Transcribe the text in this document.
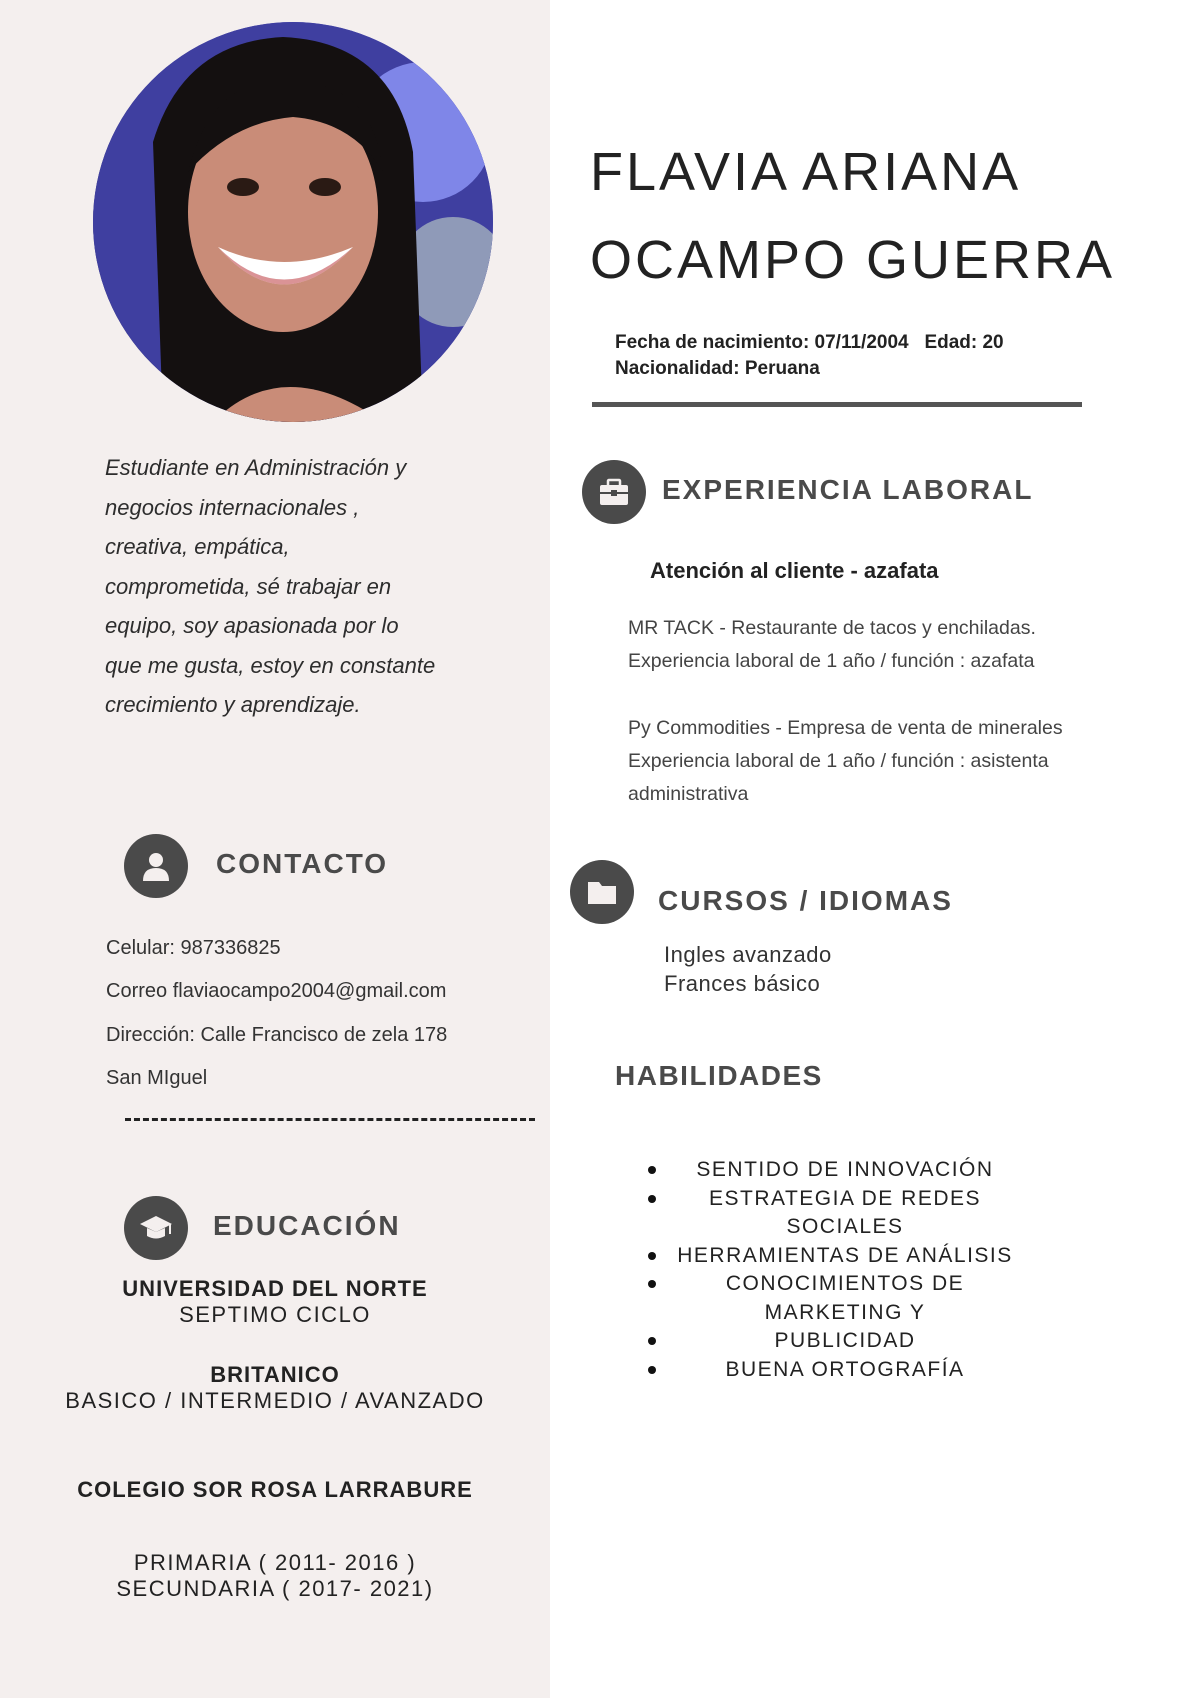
Estudiante en Administración y
negocios internacionales ,
creativa, empática,
comprometida, sé trabajar en
equipo, soy apasionada por lo
que me gusta, estoy en constante
crecimiento y aprendizaje.
CONTACTO
Celular: 987336825
Correo flaviaocampo2004@gmail.com
Dirección: Calle Francisco de zela 178
San MIguel
EDUCACIÓN
UNIVERSIDAD DEL NORTE
SEPTIMO CICLO
BRITANICO
BASICO / INTERMEDIO / AVANZADO
COLEGIO SOR ROSA LARRABURE
PRIMARIA ( 2011- 2016 )
SECUNDARIA ( 2017- 2021)
FLAVIA ARIANA
OCAMPO GUERRA
Fecha de nacimiento: 07/11/2004 Edad: 20
Nacionalidad: Peruana
EXPERIENCIA LABORAL
Atención al cliente - azafata
MR TACK - Restaurante de tacos y enchiladas.
Experiencia laboral de 1 año / función : azafata
Py Commodities - Empresa de venta de minerales
Experiencia laboral de 1 año / función : asistenta
administrativa
CURSOS / IDIOMAS
Ingles avanzado
Frances básico
HABILIDADES
SENTIDO DE INNOVACIÓN
ESTRATEGIA DE REDES SOCIALES
HERRAMIENTAS DE ANÁLISIS
CONOCIMIENTOS DE MARKETING Y
PUBLICIDAD
BUENA ORTOGRAFÍA
